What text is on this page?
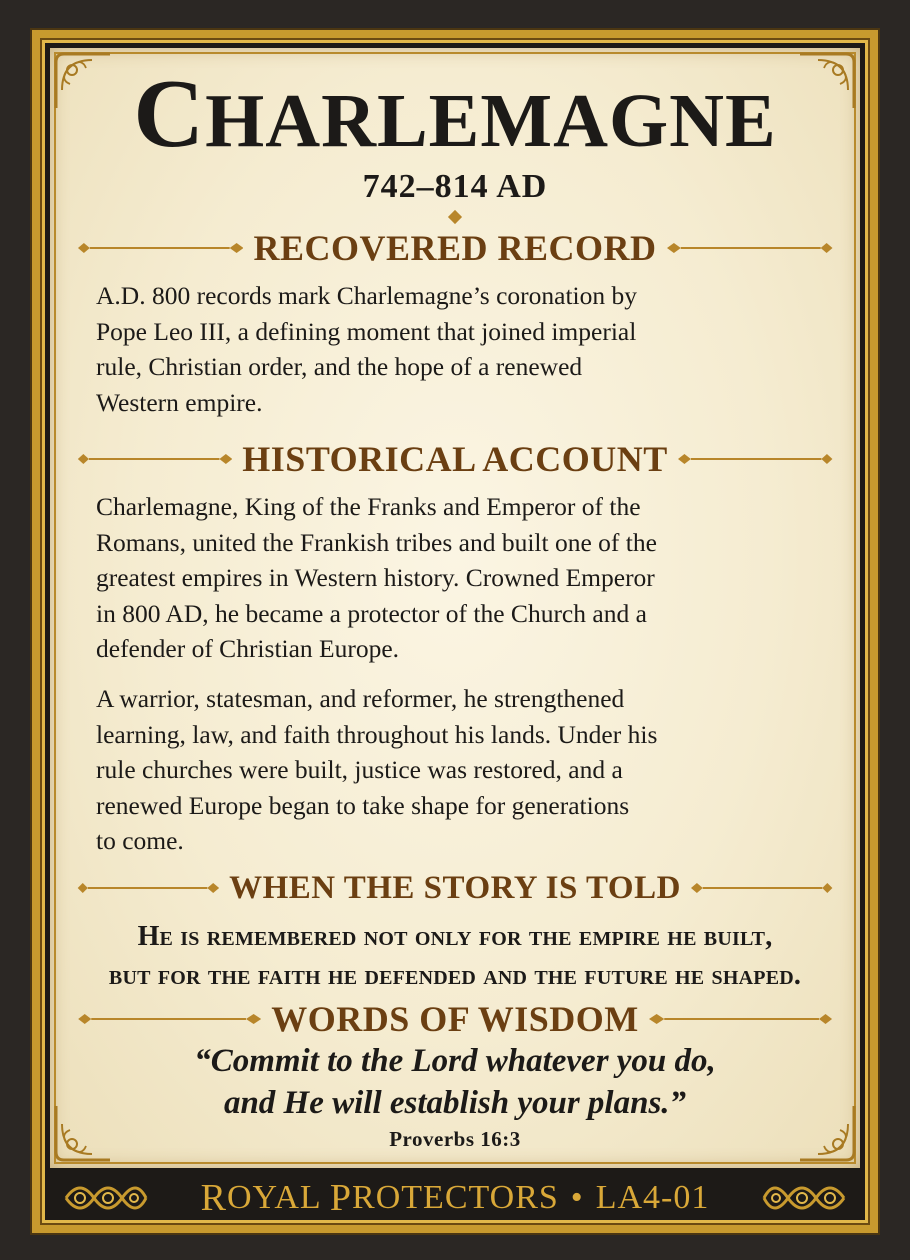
CHARLEMAGNE
742–814 AD
RECOVERED RECORD
A.D. 800 records mark Charlemagne’s coronation by
Pope Leo III, a defining moment that joined imperial
rule, Christian order, and the hope of a renewed
Western empire.
HISTORICAL ACCOUNT
Charlemagne, King of the Franks and Emperor of the
Romans, united the Frankish tribes and built one of the
greatest empires in Western history. Crowned Emperor
in 800 AD, he became a protector of the Church and a
defender of Christian Europe.
A warrior, statesman, and reformer, he strengthened
learning, law, and faith throughout his lands. Under his
rule churches were built, justice was restored, and a
renewed Europe began to take shape for generations
to come.
WHEN THE STORY IS TOLD
He is remembered not only for the empire he built,
but for the faith he defended and the future he shaped.
WORDS OF WISDOM
“Commit to the Lord whatever you do,
and He will establish your plans.”
Proverbs 16:3
R OYAL P ROTECTORS • LA4-01
